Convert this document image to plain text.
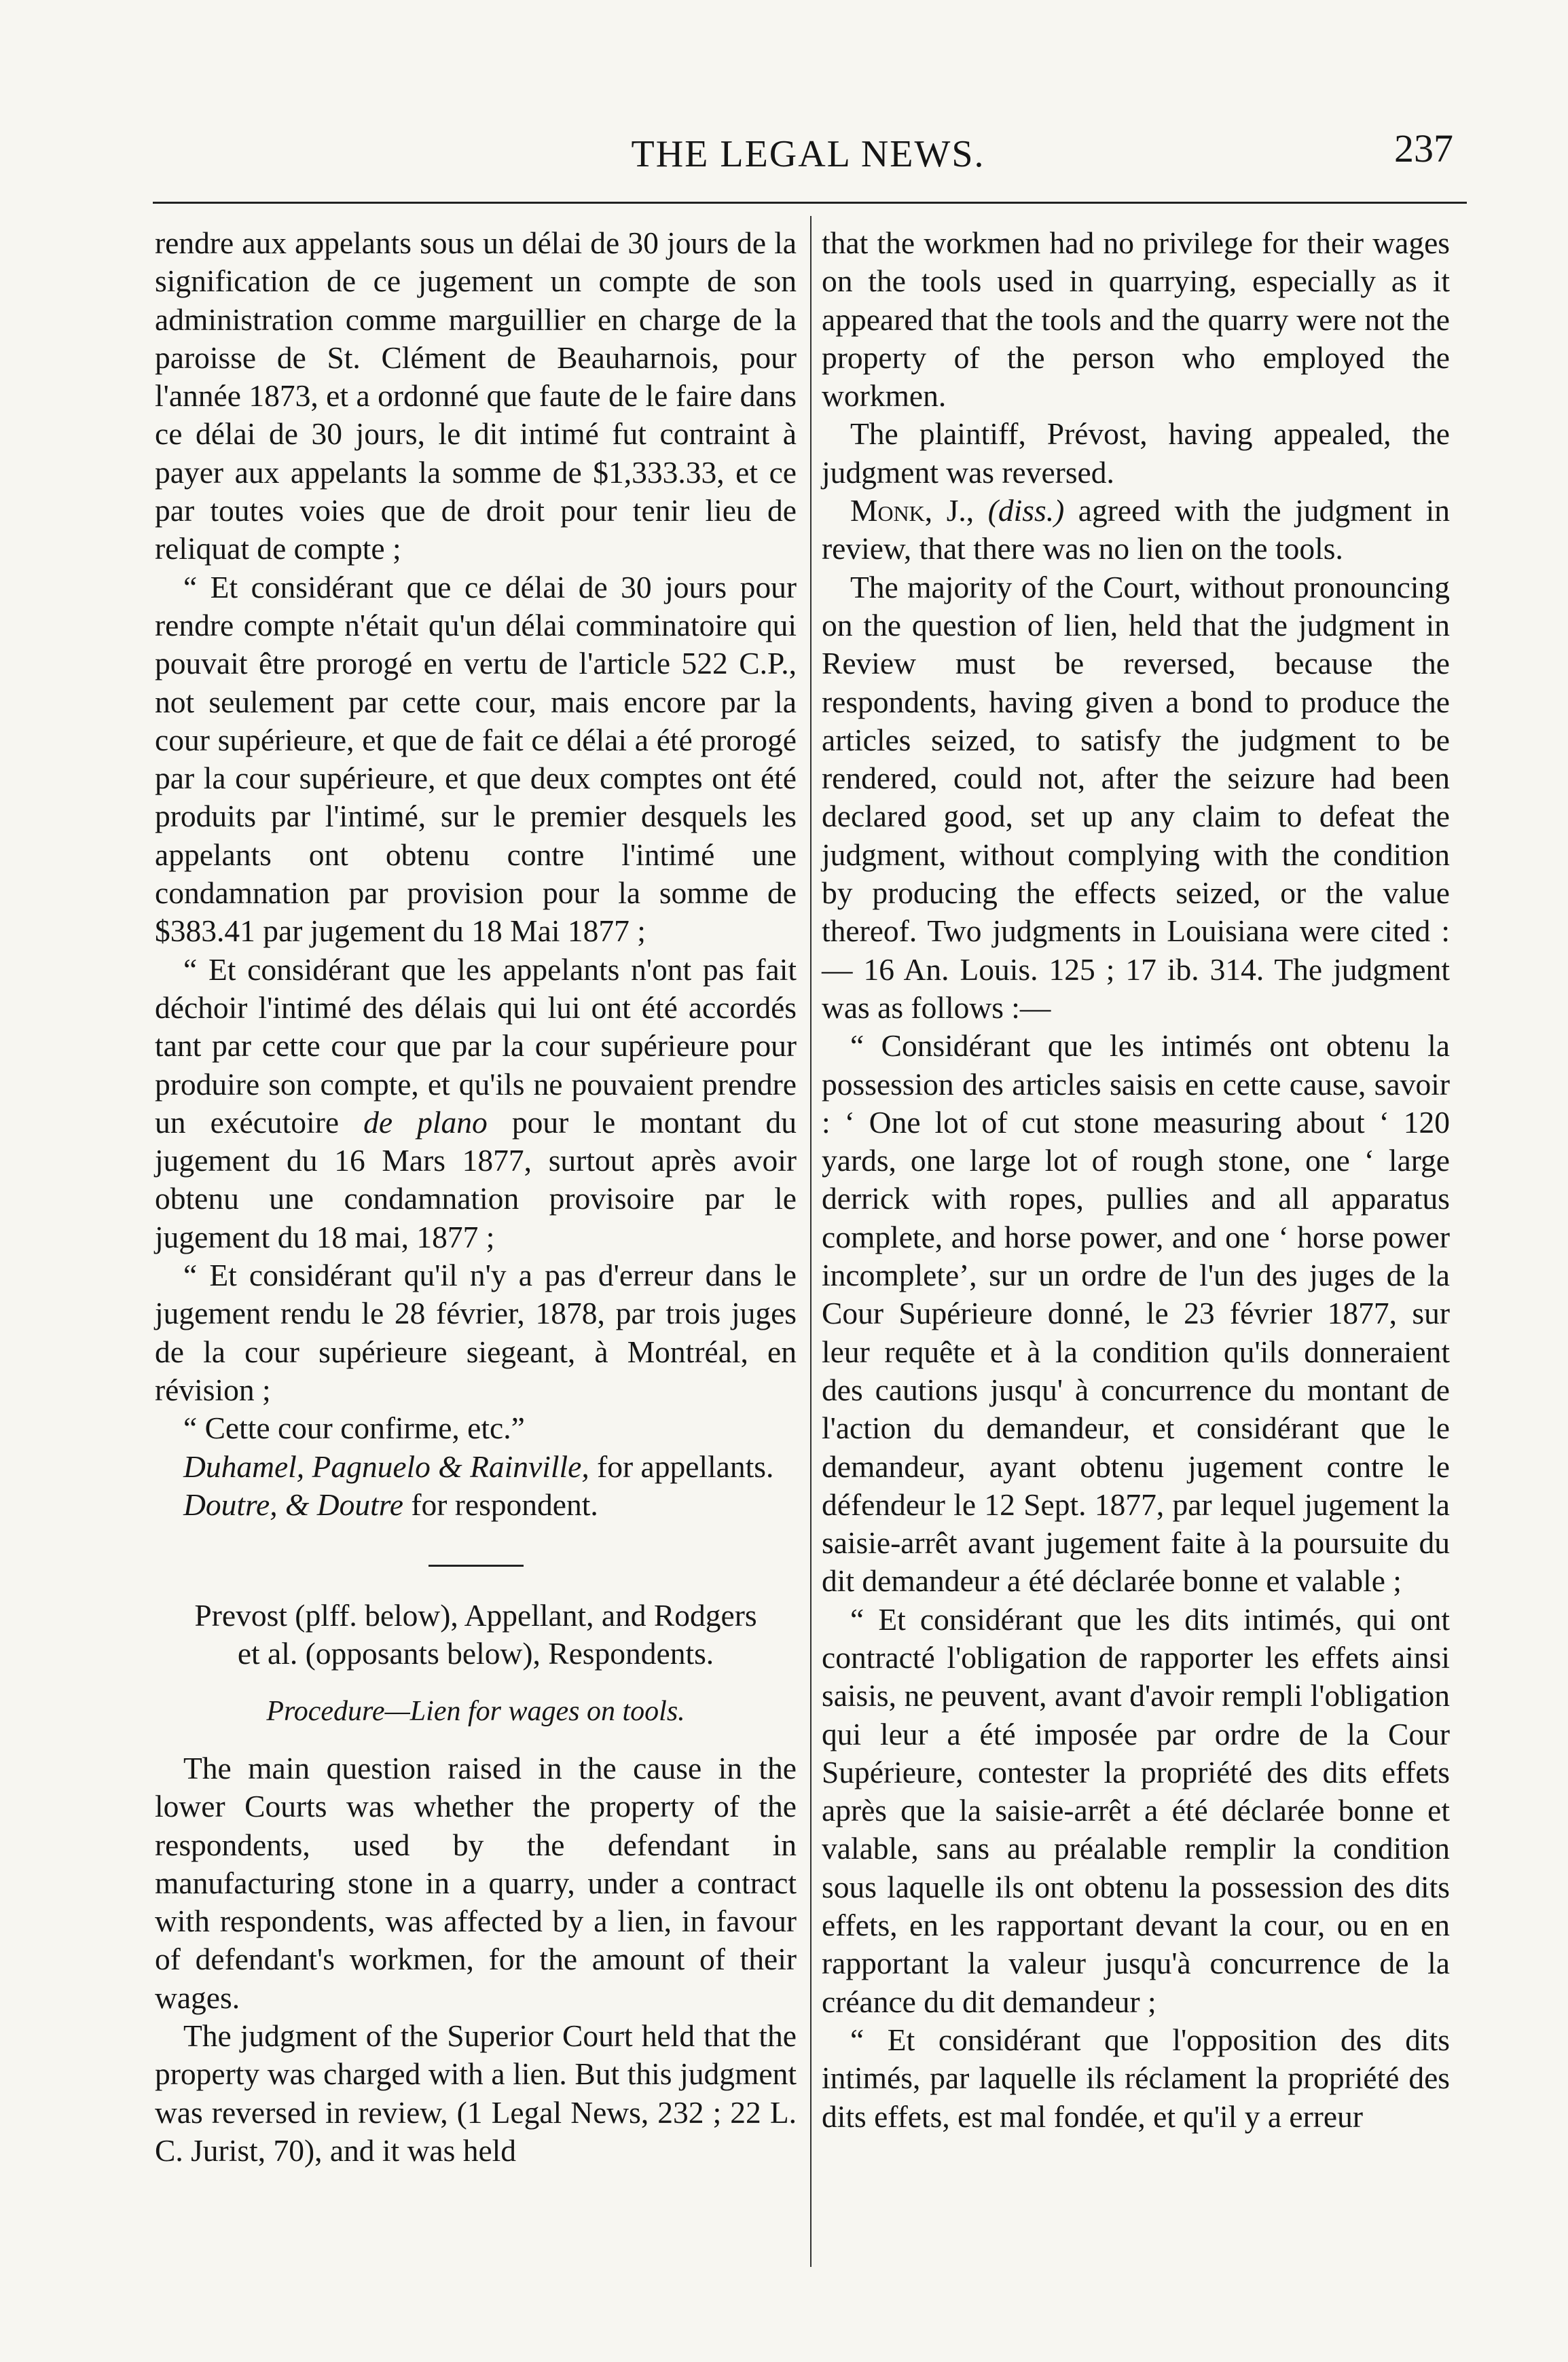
THE LEGAL NEWS.	237

rendre aux appelants sous un délai de 30 jours de la signification de ce jugement un compte de son administration comme marguillier en charge de la paroisse de St. Clément de Beauharnois, pour l'année 1873, et a ordonné que faute de le faire dans ce délai de 30 jours, le dit intimé fut contraint à payer aux appelants la somme de $1,333.33, et ce par toutes voies que de droit pour tenir lieu de reliquat de compte ;

“ Et considérant que ce délai de 30 jours pour rendre compte n'était qu'un délai comminatoire qui pouvait être prorogé en vertu de l'article 522 C.P., not seulement par cette cour, mais encore par la cour supérieure, et que de fait ce délai a été prorogé par la cour supérieure, et que deux comptes ont été produits par l'intimé, sur le premier desquels les appelants ont obtenu contre l'intimé une condamnation par provision pour la somme de $383.41 par jugement du 18 Mai 1877 ;

“ Et considérant que les appelants n'ont pas fait déchoir l'intimé des délais qui lui ont été accordés tant par cette cour que par la cour supérieure pour produire son compte, et qu'ils ne pouvaient prendre un exécutoire de plano pour le montant du jugement du 16 Mars 1877, surtout après avoir obtenu une condamnation provisoire par le jugement du 18 mai, 1877 ;

“ Et considérant qu'il n'y a pas d'erreur dans le jugement rendu le 28 février, 1878, par trois juges de la cour supérieure siegeant, à Montréal, en révision ;

“ Cette cour confirme, etc.”

Duhamel, Pagnuelo & Rainville, for appellants.

Doutre, & Doutre for respondent.

Prevost (plff. below), Appellant, and Rodgers
et al. (opposants below), Respondents.

Procedure—Lien for wages on tools.

The main question raised in the cause in the lower Courts was whether the property of the respondents, used by the defendant in manufacturing stone in a quarry, under a contract with respondents, was affected by a lien, in favour of defendant's workmen, for the amount of their wages.

The judgment of the Superior Court held that the property was charged with a lien. But this judgment was reversed in review, (1 Legal News, 232 ; 22 L. C. Jurist, 70), and it was held

that the workmen had no privilege for their wages on the tools used in quarrying, especially as it appeared that the tools and the quarry were not the property of the person who employed the workmen.

The plaintiff, Prévost, having appealed, the judgment was reversed.

Monk, J., (diss.) agreed with the judgment in review, that there was no lien on the tools.

The majority of the Court, without pronouncing on the question of lien, held that the judgment in Review must be reversed, because the respondents, having given a bond to produce the articles seized, to satisfy the judgment to be rendered, could not, after the seizure had been declared good, set up any claim to defeat the judgment, without complying with the condition by producing the effects seized, or the value thereof. Two judgments in Louisiana were cited : — 16 An. Louis. 125 ; 17 ib. 314. The judgment was as follows :—

“ Considérant que les intimés ont obtenu la possession des articles saisis en cette cause, savoir : ‘ One lot of cut stone measuring about ‘ 120 yards, one large lot of rough stone, one ‘ large derrick with ropes, pullies and all apparatus complete, and horse power, and one ‘ horse power incomplete’, sur un ordre de l'un des juges de la Cour Supérieure donné, le 23 février 1877, sur leur requête et à la condition qu'ils donneraient des cautions jusqu' à concurrence du montant de l'action du demandeur, et considérant que le demandeur, ayant obtenu jugement contre le défendeur le 12 Sept. 1877, par lequel jugement la saisie-arrêt avant jugement faite à la poursuite du dit demandeur a été déclarée bonne et valable ;

“ Et considérant que les dits intimés, qui ont contracté l'obligation de rapporter les effets ainsi saisis, ne peuvent, avant d'avoir rempli l'obligation qui leur a été imposée par ordre de la Cour Supérieure, contester la propriété des dits effets après que la saisie-arrêt a été déclarée bonne et valable, sans au préalable remplir la condition sous laquelle ils ont obtenu la possession des dits effets, en les rapportant devant la cour, ou en en rapportant la valeur jusqu'à concurrence de la créance du dit demandeur ;

“ Et considérant que l'opposition des dits intimés, par laquelle ils réclament la propriété des dits effets, est mal fondée, et qu'il y a erreur
